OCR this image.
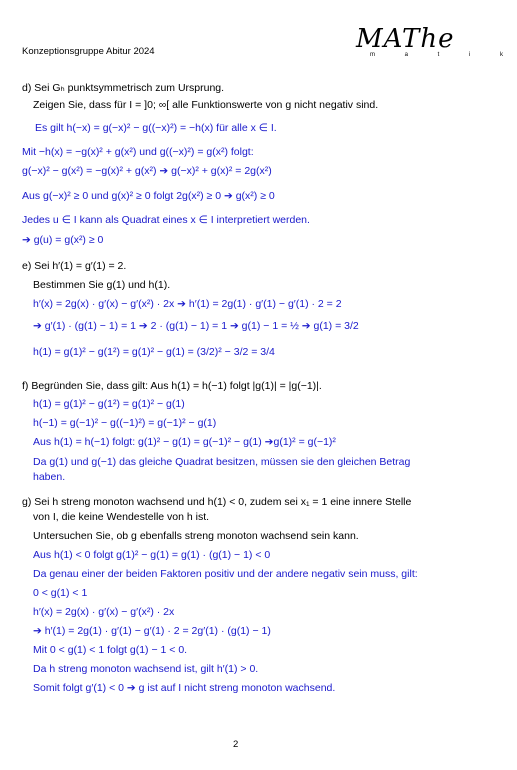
Konzeptionsgruppe Abitur 2024	MAThe
m a t i k
d) Sei Gₕ punktsymmetrisch zum Ursprung.
Zeigen Sie, dass für I = ]0; ∞[ alle Funktionswerte von g nicht negativ sind.
Es gilt h(−x) = g(−x)² − g((−x)²) = −h(x) für alle x ∈ I.
Mit −h(x) = −g(x)² + g(x²) und g((−x)²) = g(x²) folgt:
g(−x)² − g(x²) = −g(x)² + g(x²) ➔ g(−x)² + g(x)² = 2g(x²)
Aus g(−x)² ≥ 0 und g(x)² ≥ 0 folgt 2g(x²) ≥ 0 ➔ g(x²) ≥ 0
Jedes u ∈ I kann als Quadrat eines x ∈ I interpretiert werden.
➔ g(u) = g(x²) ≥ 0
e) Sei h′(1) = g′(1) = 2.
Bestimmen Sie g(1) und h(1).
h′(x) = 2g(x) · g′(x) − g′(x²) · 2x ➔ h′(1) = 2g(1) · g′(1) − g′(1) · 2 = 2
➔ g′(1) · (g(1) − 1) = 1 ➔ 2 · (g(1) − 1) = 1 ➔ g(1) − 1 = ½ ➔ g(1) = 3/2
h(1) = g(1)² − g(1²) = g(1)² − g(1) = (3/2)² − 3/2 = 3/4
f) Begründen Sie, dass gilt: Aus h(1) = h(−1) folgt |g(1)| = |g(−1)|.
h(1) = g(1)² − g(1²) = g(1)² − g(1)
h(−1) = g(−1)² − g((−1)²) = g(−1)² − g(1)
Aus h(1) = h(−1) folgt: g(1)² − g(1) = g(−1)² − g(1) ➔g(1)² = g(−1)²
Da g(1) und g(−1) das gleiche Quadrat besitzen, müssen sie den gleichen Betrag
haben.
g) Sei h streng monoton wachsend und h(1) < 0, zudem sei x₁ = 1 eine innere Stelle
von I, die keine Wendestelle von h ist.
Untersuchen Sie, ob g ebenfalls streng monoton wachsend sein kann.
Aus h(1) < 0 folgt g(1)² − g(1) = g(1) · (g(1) − 1) < 0
Da genau einer der beiden Faktoren positiv und der andere negativ sein muss, gilt:
0 < g(1) < 1
h′(x) = 2g(x) · g′(x) − g′(x²) · 2x
➔ h′(1) = 2g(1) · g′(1) − g′(1) · 2 = 2g′(1) · (g(1) − 1)
Mit 0 < g(1) < 1 folgt g(1) − 1 < 0.
Da h streng monoton wachsend ist, gilt h′(1) > 0.
Somit folgt g′(1) < 0 ➔ g ist auf I nicht streng monoton wachsend.
2
